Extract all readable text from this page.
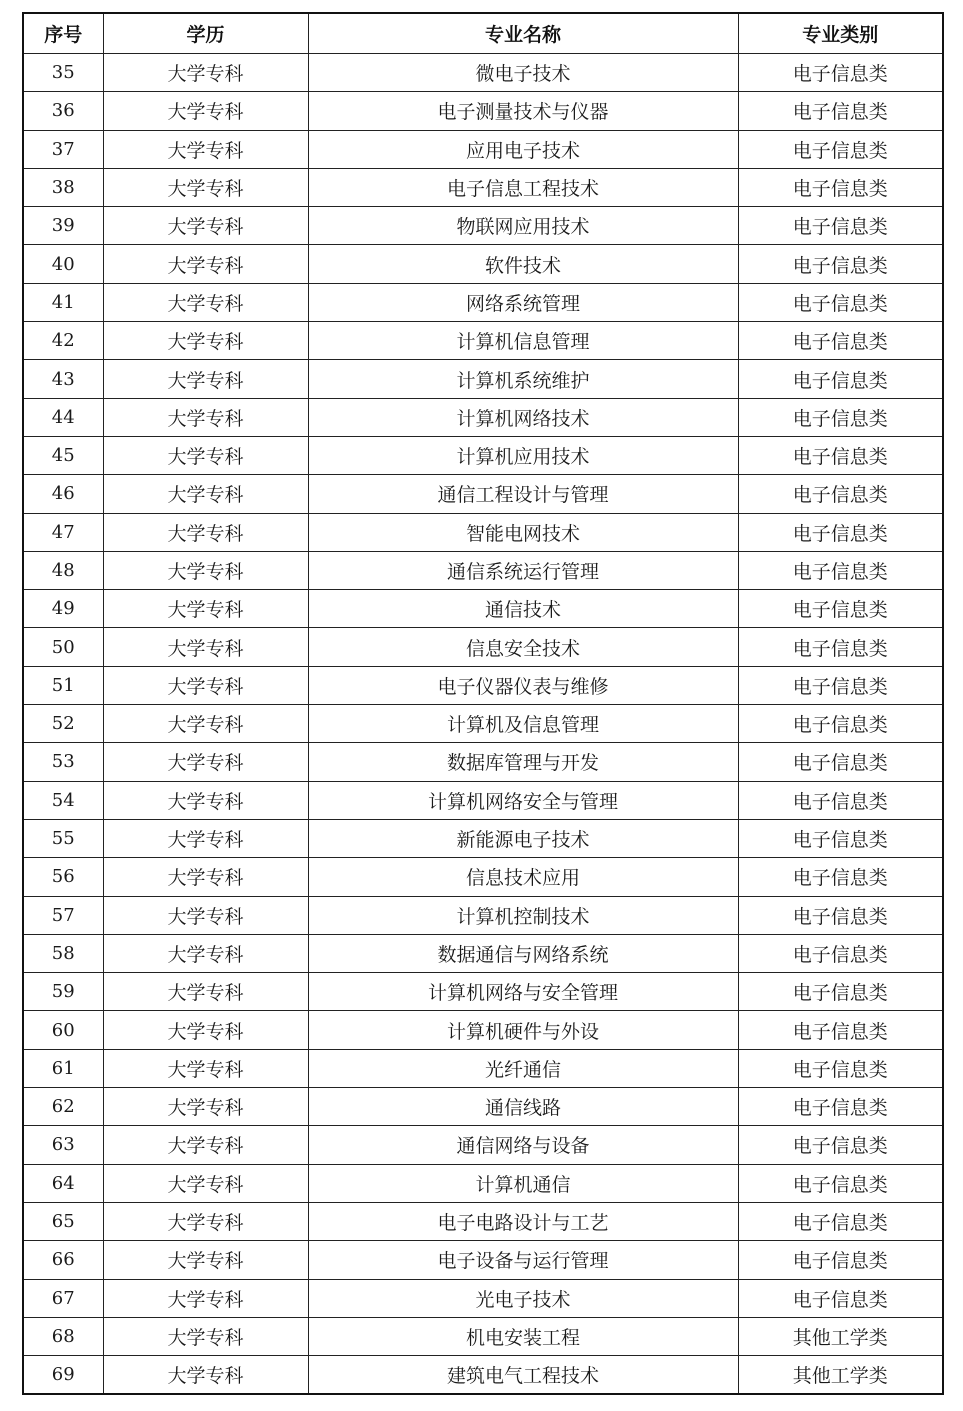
序号	学历	专业名称	专业类别
35	大学专科	微电子技术	电子信息类
36	大学专科	电子测量技术与仪器	电子信息类
37	大学专科	应用电子技术	电子信息类
38	大学专科	电子信息工程技术	电子信息类
39	大学专科	物联网应用技术	电子信息类
40	大学专科	软件技术	电子信息类
41	大学专科	网络系统管理	电子信息类
42	大学专科	计算机信息管理	电子信息类
43	大学专科	计算机系统维护	电子信息类
44	大学专科	计算机网络技术	电子信息类
45	大学专科	计算机应用技术	电子信息类
46	大学专科	通信工程设计与管理	电子信息类
47	大学专科	智能电网技术	电子信息类
48	大学专科	通信系统运行管理	电子信息类
49	大学专科	通信技术	电子信息类
50	大学专科	信息安全技术	电子信息类
51	大学专科	电子仪器仪表与维修	电子信息类
52	大学专科	计算机及信息管理	电子信息类
53	大学专科	数据库管理与开发	电子信息类
54	大学专科	计算机网络安全与管理	电子信息类
55	大学专科	新能源电子技术	电子信息类
56	大学专科	信息技术应用	电子信息类
57	大学专科	计算机控制技术	电子信息类
58	大学专科	数据通信与网络系统	电子信息类
59	大学专科	计算机网络与安全管理	电子信息类
60	大学专科	计算机硬件与外设	电子信息类
61	大学专科	光纤通信	电子信息类
62	大学专科	通信线路	电子信息类
63	大学专科	通信网络与设备	电子信息类
64	大学专科	计算机通信	电子信息类
65	大学专科	电子电路设计与工艺	电子信息类
66	大学专科	电子设备与运行管理	电子信息类
67	大学专科	光电子技术	电子信息类
68	大学专科	机电安装工程	其他工学类
69	大学专科	建筑电气工程技术	其他工学类
